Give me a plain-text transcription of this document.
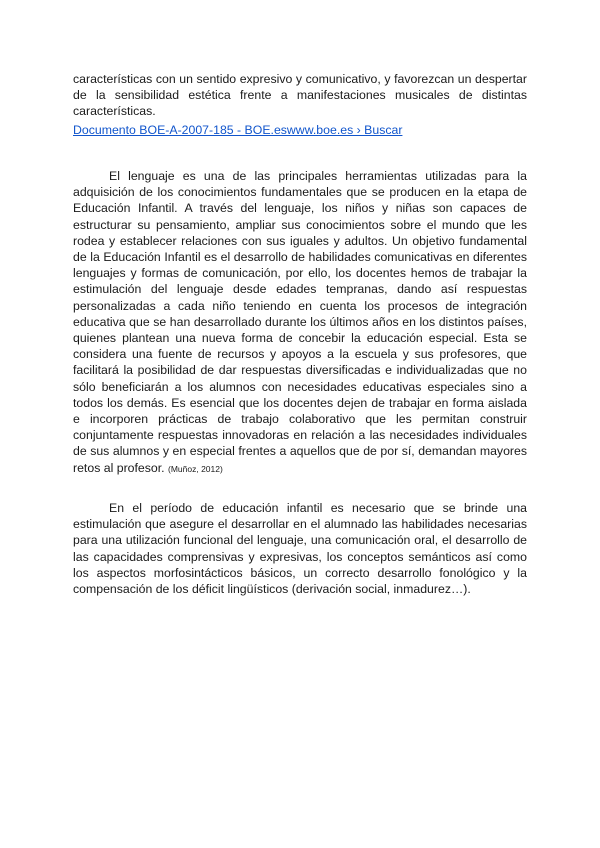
características con un sentido expresivo y comunicativo, y favorezcan un despertar de la sensibilidad estética frente a manifestaciones musicales de distintas características.

Documento BOE-A-2007-185 - BOE.eswww.boe.es › Buscar

El lenguaje es una de las principales herramientas utilizadas para la adquisición de los conocimientos fundamentales que se producen en la etapa de Educación Infantil. A través del lenguaje, los niños y niñas son capaces de estructurar su pensamiento, ampliar sus conocimientos sobre el mundo que les rodea y establecer relaciones con sus iguales y adultos. Un objetivo fundamental de la Educación Infantil es el desarrollo de habilidades comunicativas en diferentes lenguajes y formas de comunicación, por ello, los docentes hemos de trabajar la estimulación del lenguaje desde edades tempranas, dando así respuestas personalizadas a cada niño teniendo en cuenta los procesos de integración educativa que se han desarrollado durante los últimos años en los distintos países, quienes plantean una nueva forma de concebir la educación especial. Esta se considera una fuente de recursos y apoyos a la escuela y sus profesores, que facilitará la posibilidad de dar respuestas diversificadas e individualizadas que no sólo beneficiarán a los alumnos con necesidades educativas especiales sino a todos los demás. Es esencial que los docentes dejen de trabajar en forma aislada e incorporen prácticas de trabajo colaborativo que les permitan construir conjuntamente respuestas innovadoras en relación a las necesidades individuales de sus alumnos y en especial frentes a aquellos que de por sí, demandan mayores retos al profesor. (Muñoz, 2012)

En el período de educación infantil es necesario que se brinde una estimulación que asegure el desarrollar en el alumnado las habilidades necesarias para una utilización funcional del lenguaje, una comunicación oral, el desarrollo de las capacidades comprensivas y expresivas, los conceptos semánticos así como los aspectos morfosintácticos básicos, un correcto desarrollo fonológico y la compensación de los déficit lingüísticos (derivación social, inmadurez…).
